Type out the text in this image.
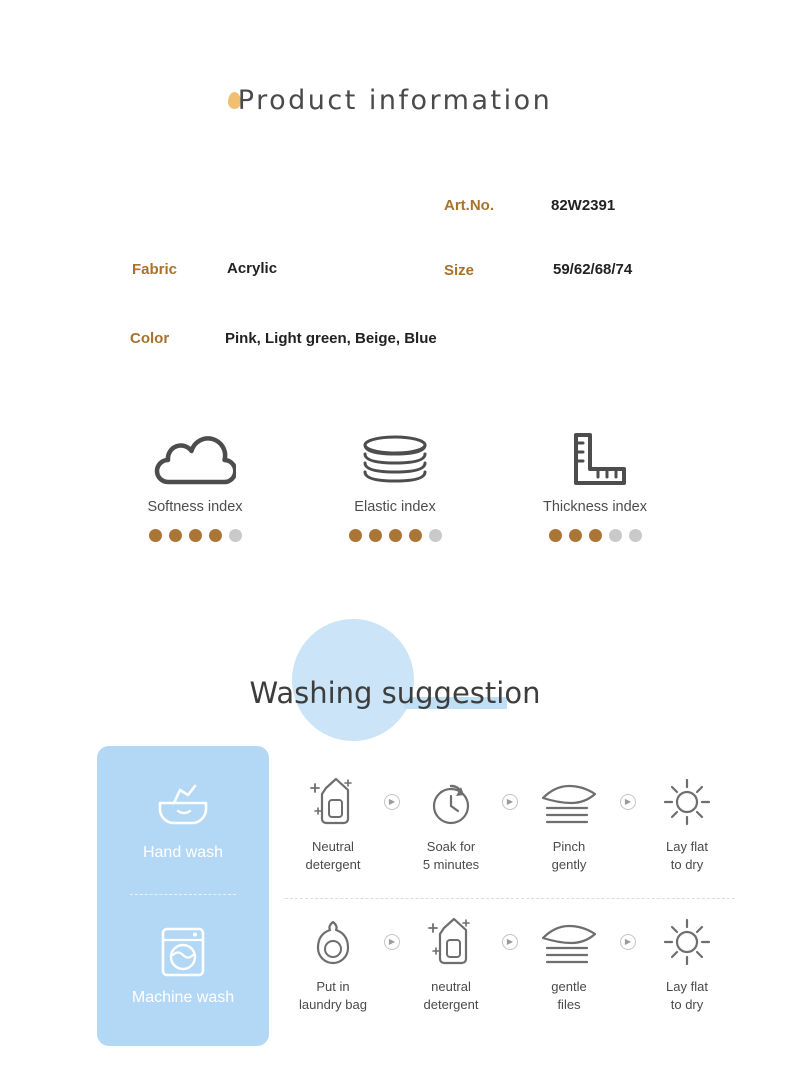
Product information
Art.No.	82W2391
Fabric	Acrylic	Size	59/62/68/74
Color	Pink, Light green, Beige, Blue
Softness index	Elastic index	Thickness index
Washing suggestion
Hand wash
Machine wash
Neutral
detergent
▶
Soak for
5 minutes
▶
Pinch
gently
▶
Lay flat
to dry
Put in
laundry bag
▶
neutral
detergent
▶
gentle
files
▶
Lay flat
to dry
